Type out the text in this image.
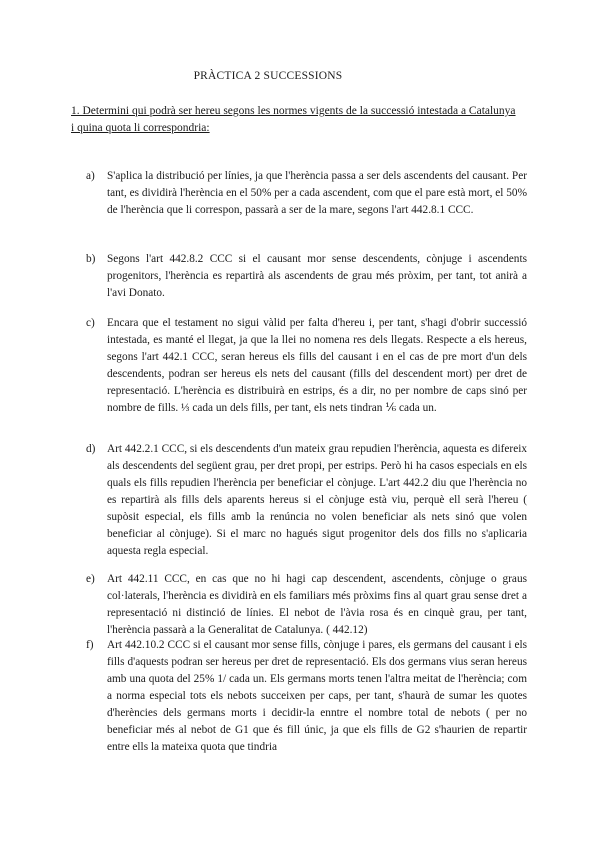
PRÀCTICA 2 SUCCESSIONS
1. Determini qui podrà ser hereu segons les normes vigents de la successió intestada a Catalunya i quina quota li correspondria:
a) S'aplica la distribució per línies, ja que l'herència passa a ser dels ascendents del causant. Per tant, es dividirà l'herència en el 50% per a cada ascendent, com que el pare està mort, el 50% de l'herència que li correspon, passarà a ser de la mare, segons l'art 442.8.1 CCC.
b) Segons l'art 442.8.2 CCC si el causant mor sense descendents, cònjuge i ascendents progenitors, l'herència es repartirà als ascendents de grau més pròxim, per tant, tot anirà a l'avi Donato.
c) Encara que el testament no sigui vàlid per falta d'hereu i, per tant, s'hagi d'obrir successió intestada, es manté el llegat, ja que la llei no nomena res dels llegats. Respecte a els hereus, segons l'art 442.1 CCC, seran hereus els fills del causant i en el cas de pre mort d'un dels descendents, podran ser hereus els nets del causant (fills del descendent mort) per dret de representació. L'herència es distribuirà en estrips, és a dir, no per nombre de caps sinó per nombre de fills. ⅓ cada un dels fills, per tant, els nets tindran ⅙ cada un.
d) Art 442.2.1 CCC, si els descendents d'un mateix grau repudien l'herència, aquesta es difereix als descendents del següent grau, per dret propi, per estrips. Però hi ha casos especials en els quals els fills repudien l'herència per beneficiar el cònjuge. L'art 442.2 diu que l'herència no es repartirà als fills dels aparents hereus si el cònjuge està viu, perquè ell serà l'hereu ( supòsit especial, els fills amb la renúncia no volen beneficiar als nets sinó que volen beneficiar al cònjuge). Si el marc no hagués sigut progenitor dels dos fills no s'aplicaria aquesta regla especial.
e) Art 442.11 CCC, en cas que no hi hagi cap descendent, ascendents, cònjuge o graus col·laterals, l'herència es dividirà en els familiars més pròxims fins al quart grau sense dret a representació ni distinció de línies. El nebot de l'àvia rosa és en cinquè grau, per tant, l'herència passarà a la Generalitat de Catalunya. ( 442.12)
f) Art 442.10.2 CCC si el causant mor sense fills, cònjuge i pares, els germans del causant i els fills d'aquests podran ser hereus per dret de representació. Els dos germans vius seran hereus amb una quota del 25% 1/ cada un. Els germans morts tenen l'altra meitat de l'herència; com a norma especial tots els nebots succeixen per caps, per tant, s'haurà de sumar les quotes d'herències dels germans morts i decidir-la enntre el nombre total de nebots ( per no beneficiar més al nebot de G1 que és fill únic, ja que els fills de G2 s'haurien de repartir entre ells la mateixa quota que tindria
